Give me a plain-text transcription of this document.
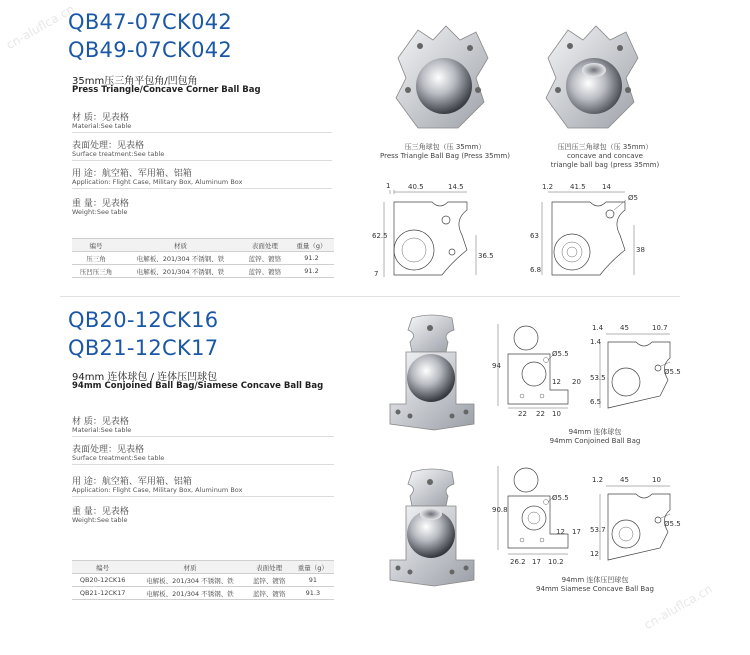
QB47-07CK042
QB49-07CK042
35mm压三角平包角/凹包角
Press Triangle/Concave Corner Ball Bag
材 质：见表格
Material:See table
表面处理：见表格
Surface treatment:See table
用 途：航空箱、军用箱、铝箱
Application: Flight Case, Military Box, Aluminum Box
重 量：见表格
Weight:See table
编号	材质	表面处理	重量（g）
压三角	电解板、201/304 不锈钢、铁	蓝锌、镀铬	91.2
压凹压三角	电解板、201/304 不锈钢、铁	蓝锌、镀铬	91.2
压三角球包（压 35mm）
Press Triangle Ball Bag (Press 35mm)
压凹压三角球包（压 35mm）
concave and concave
triangle ball bag (press 35mm)
1	40.5	14.5
62.5
36.5
7
1.2 41.5 14
Ø5
63
38
6.8
QB20-12CK16
QB21-12CK17
94mm 连体球包 / 连体压凹球包
94mm Conjoined Ball Bag/Siamese Concave Ball Bag
材 质：见表格
Material:See table
表面处理：见表格
Surface treatment:See table
用 途：航空箱、军用箱、铝箱
Application: Flight Case, Military Box, Aluminum Box
重 量：见表格
Weight:See table
编号	材质	表面处理	重量（g）
QB20-12CK16	电解板、201/304 不锈钢、铁	蓝锌、镀铬	91
QB21-12CK17	电解板、201/304 不锈钢、铁	蓝锌、镀铬	91.3
94
Ø5.5
12 20
22 22 10
1.4 45	10.7
1.4
Ø5.5
53.5
6.5
94mm 连体球包
94mm Conjoined Ball Bag
90.8
Ø5.5
12 17
26.2 17 10.2
1.2 45	10
Ø5.5
53.7
12
94mm 连体压凹球包
94mm Siamese Concave Ball Bag
cn-aluflca.cn
cn-aluflca.cn
